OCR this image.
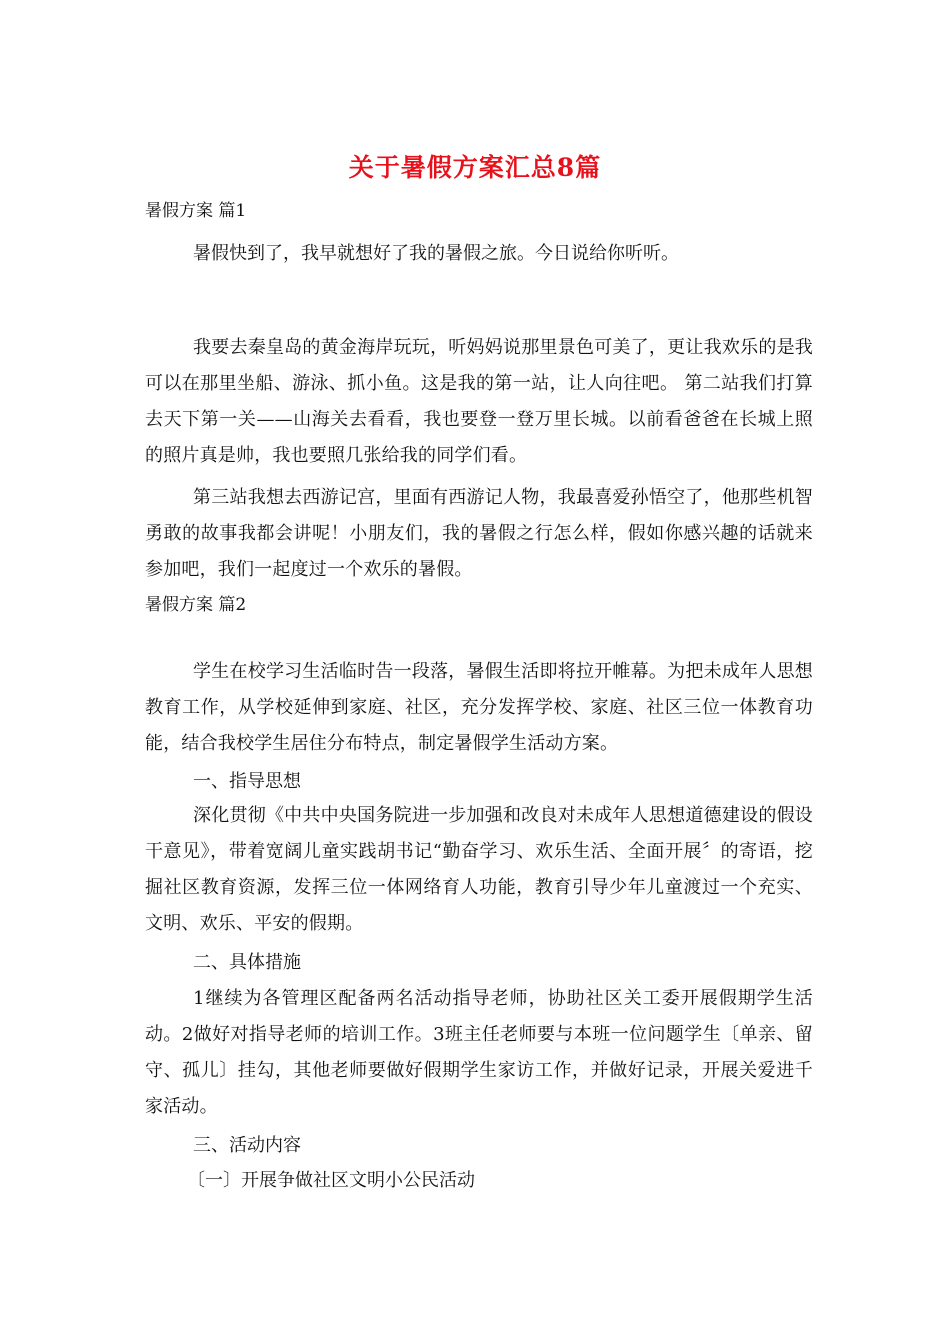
关于暑假方案汇总8篇
暑假方案 篇1

暑假快到了，我早就想好了我的暑假之旅。今日说给你听听。

我要去秦皇岛的黄金海岸玩玩，听妈妈说那里景色可美了，更让我欢乐的是我可以在那里坐船、游泳、抓小鱼。这是我的第一站，让人向往吧。 第二站我们打算去天下第一关——山海关去看看，我也要登一登万里长城。以前看爸爸在长城上照的照片真是帅，我也要照几张给我的同学们看。

第三站我想去西游记宫，里面有西游记人物，我最喜爱孙悟空了，他那些机智勇敢的故事我都会讲呢！小朋友们，我的暑假之行怎么样，假如你感兴趣的话就来参加吧，我们一起度过一个欢乐的暑假。

暑假方案 篇2

学生在校学习生活临时告一段落，暑假生活即将拉开帷幕。为把未成年人思想教育工作，从学校延伸到家庭、社区，充分发挥学校、家庭、社区三位一体教育功能，结合我校学生居住分布特点，制定暑假学生活动方案。

一、指导思想

深化贯彻《中共中央国务院进一步加强和改良对未成年人思想道德建设的假设干意见》，带着宽阔儿童实践胡书记“勤奋学习、欢乐生活、全面开展〞的寄语，挖掘社区教育资源，发挥三位一体网络育人功能，教育引导少年儿童渡过一个充实、文明、欢乐、平安的假期。

二、具体措施

1继续为各管理区配备两名活动指导老师，协助社区关工委开展假期学生活动。2做好对指导老师的培训工作。3班主任老师要与本班一位问题学生〔单亲、留守、孤儿〕挂勾，其他老师要做好假期学生家访工作，并做好记录，开展关爱进千家活动。

三、活动内容

〔一〕开展争做社区文明小公民活动
